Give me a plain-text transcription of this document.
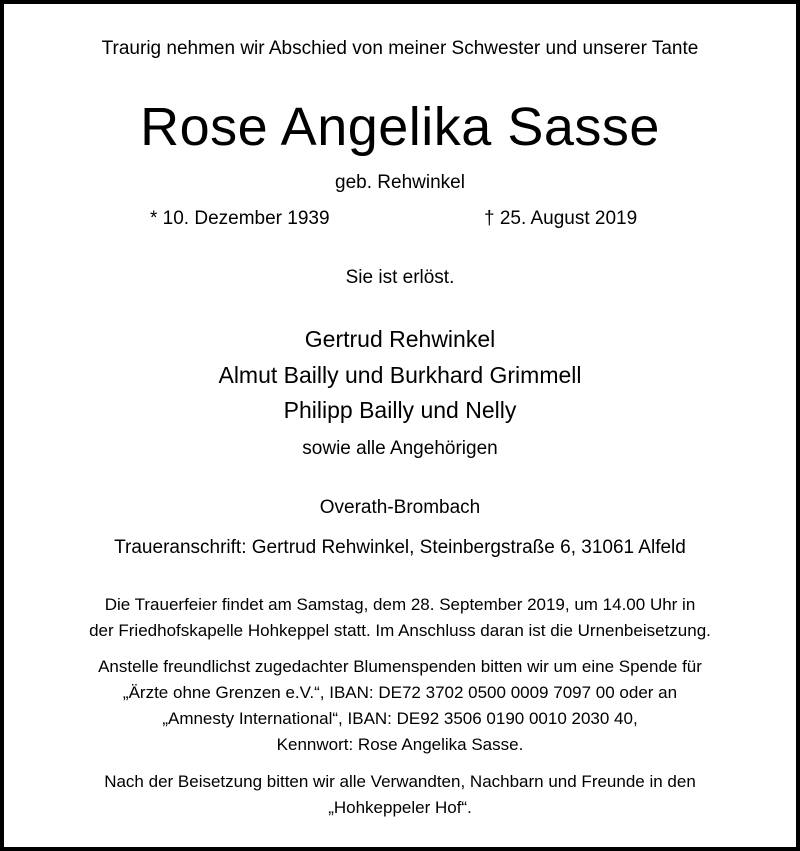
Traurig nehmen wir Abschied von meiner Schwester und unserer Tante
Rose Angelika Sasse
geb. Rehwinkel
* 10. Dezember 1939	† 25. August 2019
Sie ist erlöst.
Gertrud Rehwinkel
Almut Bailly und Burkhard Grimmell
Philipp Bailly und Nelly
sowie alle Angehörigen
Overath-Brombach
Traueranschrift: Gertrud Rehwinkel, Steinbergstraße 6, 31061 Alfeld
Die Trauerfeier findet am Samstag, dem 28. September 2019, um 14.00 Uhr in
der Friedhofskapelle Hohkeppel statt. Im Anschluss daran ist die Urnenbeisetzung.
Anstelle freundlichst zugedachter Blumenspenden bitten wir um eine Spende für
„Ärzte ohne Grenzen e.V.“, IBAN: DE72 3702 0500 0009 7097 00 oder an
„Amnesty International“, IBAN: DE92 3506 0190 0010 2030 40,
Kennwort: Rose Angelika Sasse.
Nach der Beisetzung bitten wir alle Verwandten, Nachbarn und Freunde in den
„Hohkeppeler Hof“.
